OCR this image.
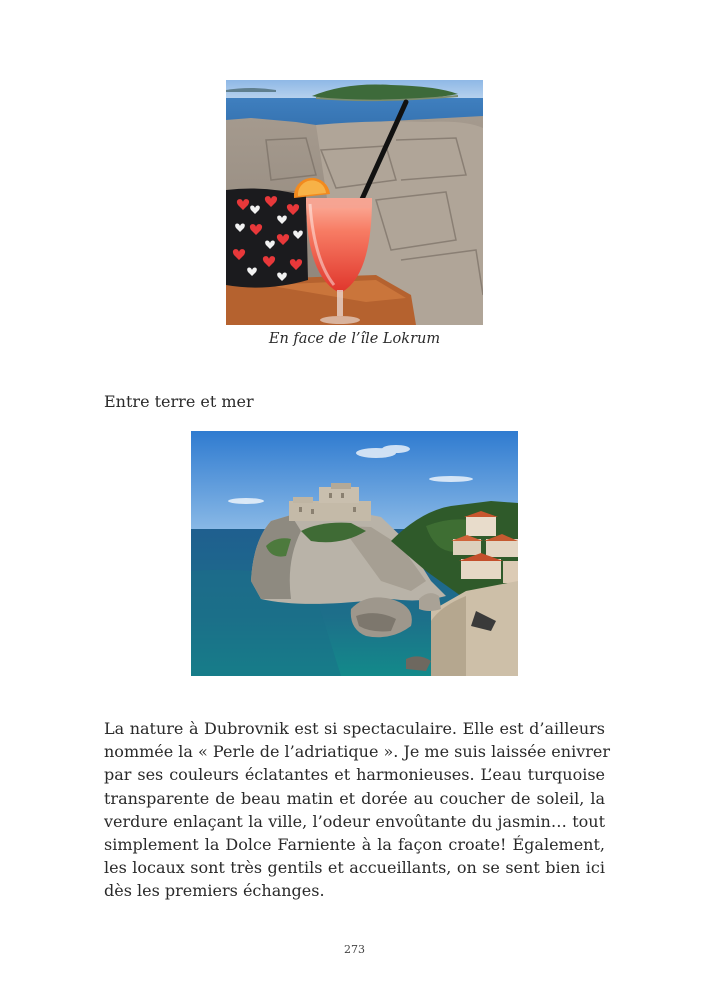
En face de l’île Lokrum
Entre terre et mer
La nature à Dubrovnik est si spectaculaire. Elle est d’ailleurs
nommée la « Perle de l’adriatique ». Je me suis laissée enivrer
par ses couleurs éclatantes et harmonieuses. L’eau turquoise
transparente de beau matin et dorée au coucher de soleil, la
verdure enlaçant la ville, l’odeur envoûtante du jasmin… tout
simplement la Dolce Farniente à la façon croate! Également,
les locaux sont très gentils et accueillants, on se sent bien ici
dès les premiers échanges.
273
